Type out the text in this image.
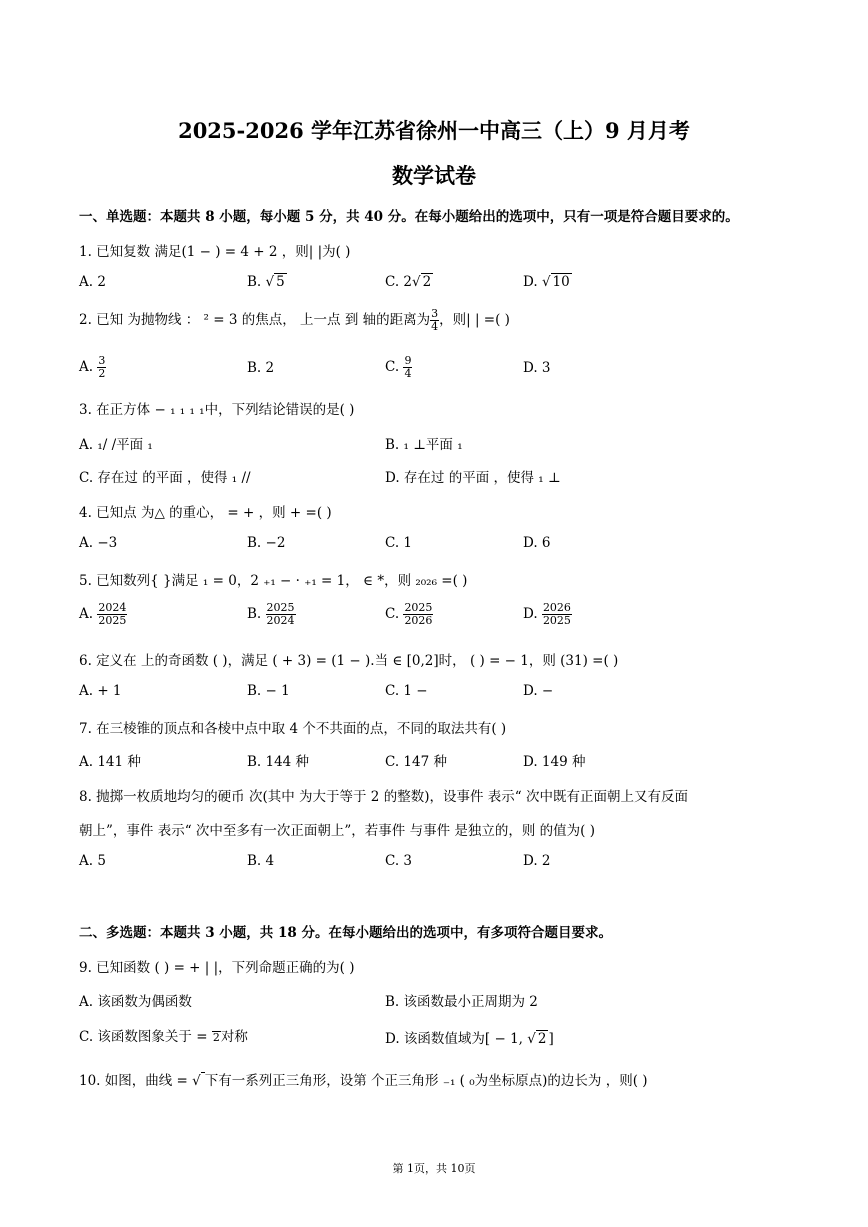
2025-2026 学年江苏省徐州一中高三（上）9 月月考
数学试卷
一、单选题：本题共 8 小题，每小题 5 分，共 40 分。在每小题给出的选项中，只有一项是符合题目要求的。
1. 已知复数 满足(1 − ) = 4 + 2 ，则| |为( )
A. 2	B. √ 5	C. 2√ 2	D. √ 10
2. 已知 为抛物线 ： ² = 3 的焦点， 上一点 到 轴的距离为 $\frac{3}{4}$ ，则| | =( )
A. $\frac{3}{2}$	B. 2	C. $\frac{9}{4}$	D. 3
3. 在正方体 − ₁ ₁ ₁ ₁中，下列结论错误的是( )
A. ₁/ /平面 ₁	B. ₁ ⊥平面 ₁
C. 存在过 的平面 ，使得 ₁ //	D. 存在过 的平面 ，使得 ₁ ⊥
4. 已知点 为△ 的重心， = + ，则 + =( )
A. −3	B. −2	C. 1	D. 6
5. 已知数列{ }满足 ₁ = 0，2 ₊₁ − · ₊₁ = 1， ∈ *，则 ₂₀₂₆ =( )
A. $\frac{2024}{2025}$	B. $\frac{2025}{2024}$	C. $\frac{2025}{2026}$	D. $\frac{2026}{2025}$
6. 定义在 上的奇函数 ( )，满足 ( + 3) = (1 − ).当 ∈ [0,2]时， ( ) = − 1，则 (31) =( )
A. + 1	B. − 1	C. 1 −	D. −
7. 在三棱锥的顶点和各棱中点中取 4 个不共面的点，不同的取法共有( )
A. 141 种	B. 144 种	C. 147 种	D. 149 种
8. 抛掷一枚质地均匀的硬币 次(其中 为大于等于 2 的整数)，设事件 表示“ 次中既有正面朝上又有反面
朝上”，事件 表示“ 次中至多有一次正面朝上”，若事件 与事件 是独立的，则 的值为( )
A. 5	B. 4	C. 3	D. 2
二、多选题：本题共 3 小题，共 18 分。在每小题给出的选项中，有多项符合题目要求。
9. 已知函数 ( ) = + | |，下列命题正确的为( )
A. 该函数为偶函数	B. 该函数最小正周期为 2
C. 该函数图象关于 = 2 对称	D. 该函数值域为[ − 1, √ 2 ]
10. 如图，曲线 = √ 下有一系列正三角形，设第 个正三角形 ₋₁ ( ₀为坐标原点)的边长为 ，则( )
第 1页，共 10页
